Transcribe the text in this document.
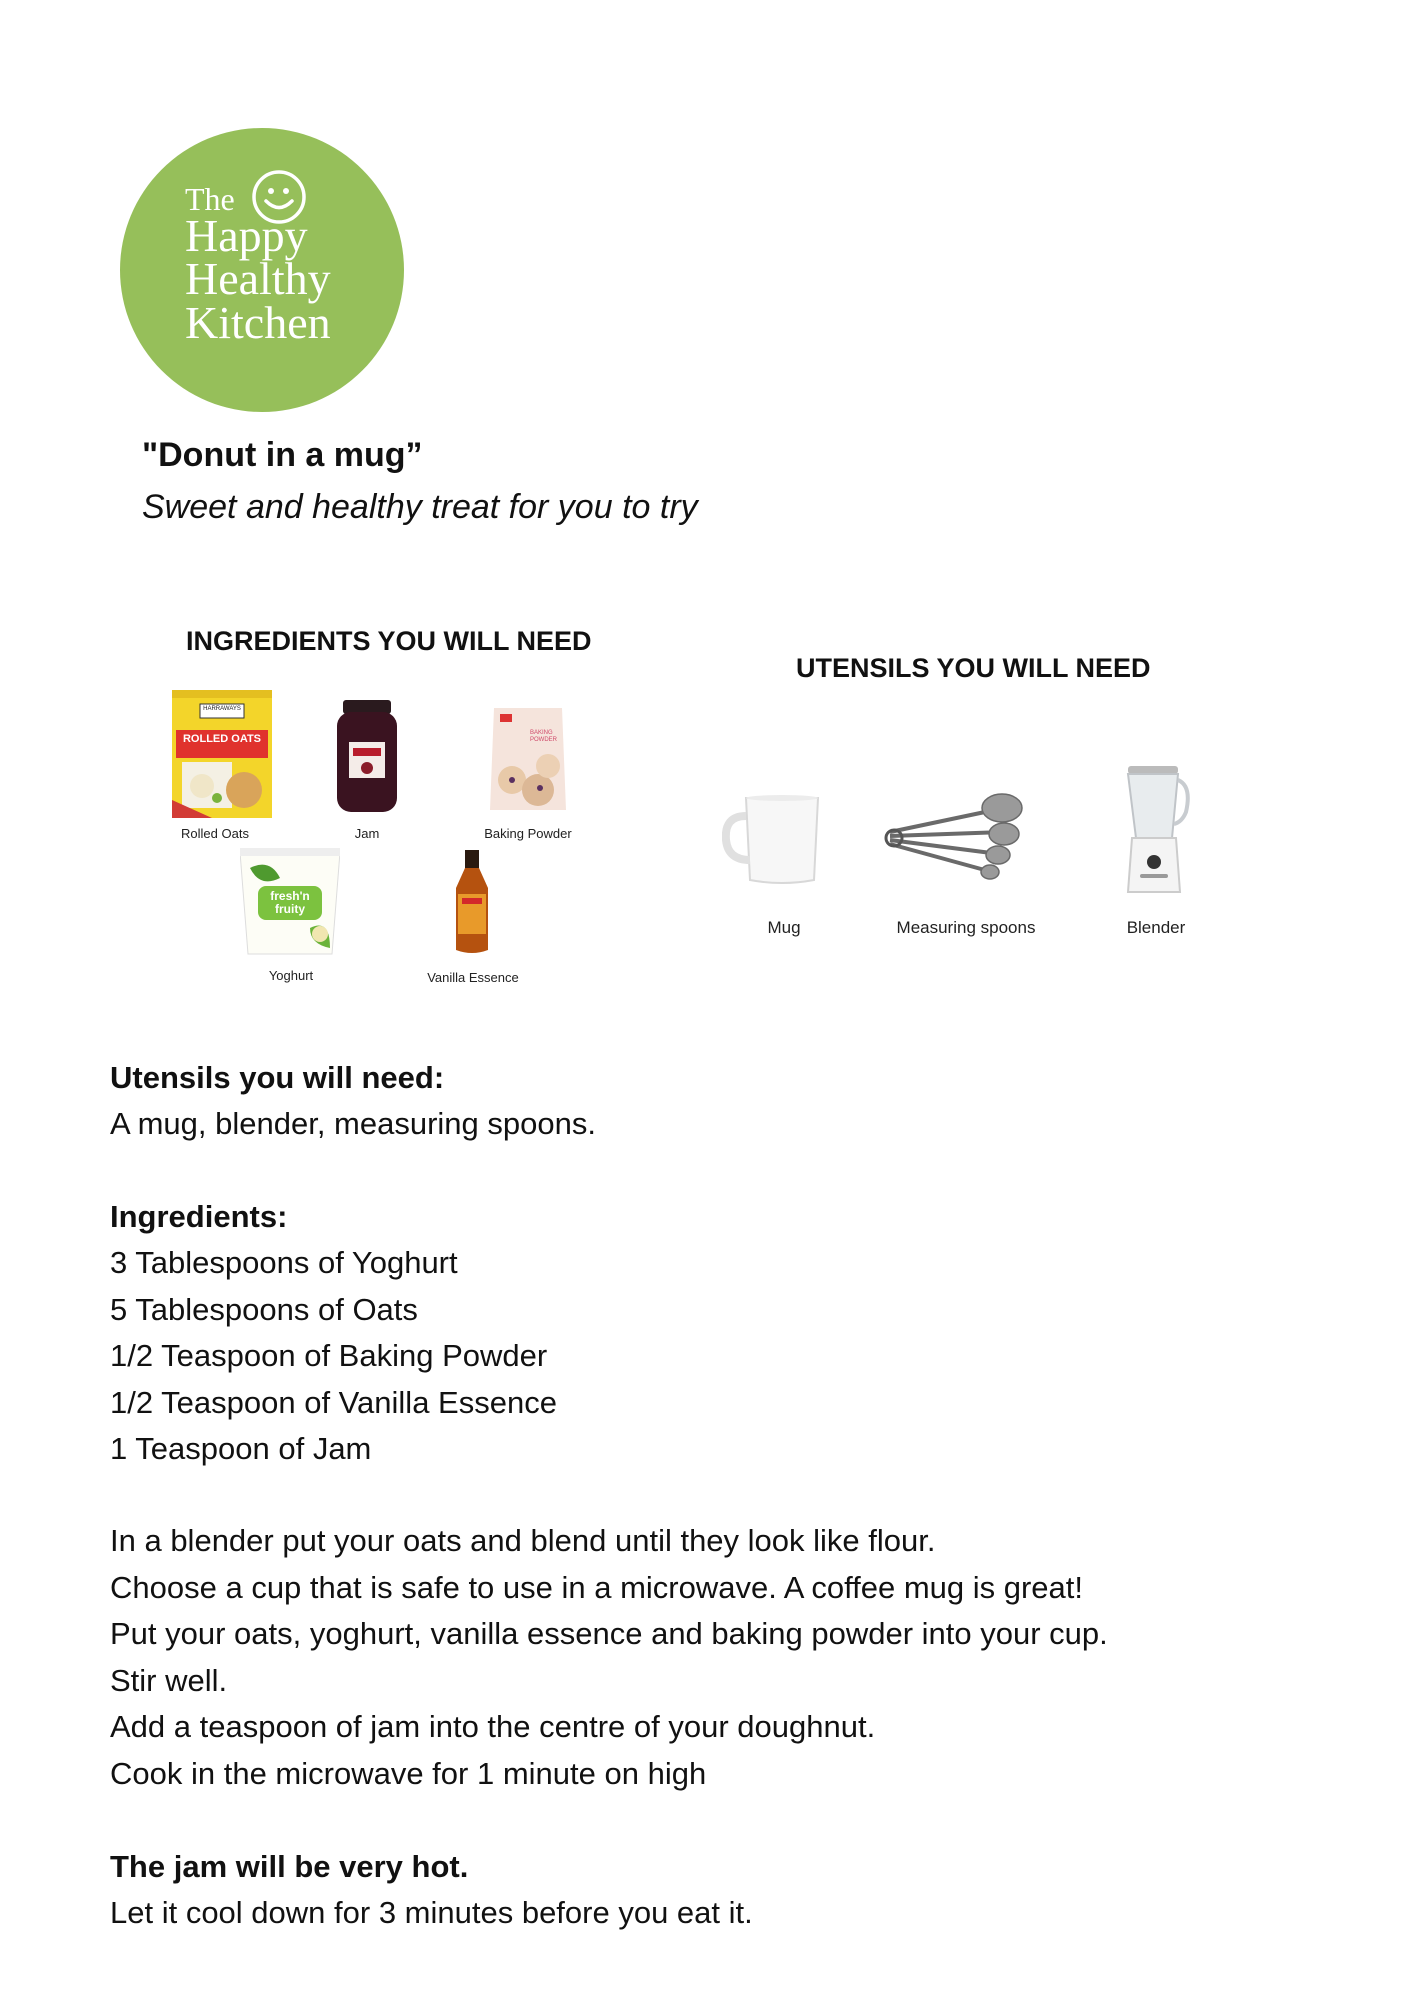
The
Happy
Healthy
Kitchen
"Donut in a mug”
Sweet and healthy treat for you to try
INGREDIENTS YOU WILL NEED
ROLLED OATS
HARRAWAYS
Rolled Oats	Jam
BAKING POWDER
Baking Powder
fresh'n fruity
Yoghurt	Vanilla Essence
UTENSILS YOU WILL NEED
Mug	Measuring spoons	Blender
Utensils you will need:
A mug, blender, measuring spoons.
Ingredients:
3 Tablespoons of Yoghurt
5 Tablespoons of Oats
1/2 Teaspoon of Baking Powder
1/2 Teaspoon of Vanilla Essence
1 Teaspoon of Jam
In a blender put your oats and blend until they look like flour.
Choose a cup that is safe to use in a microwave. A coffee mug is great!
Put your oats, yoghurt, vanilla essence and baking powder into your cup.
Stir well.
Add a teaspoon of jam into the centre of your doughnut.
Cook in the microwave for 1 minute on high
The jam will be very hot.
Let it cool down for 3 minutes before you eat it.
